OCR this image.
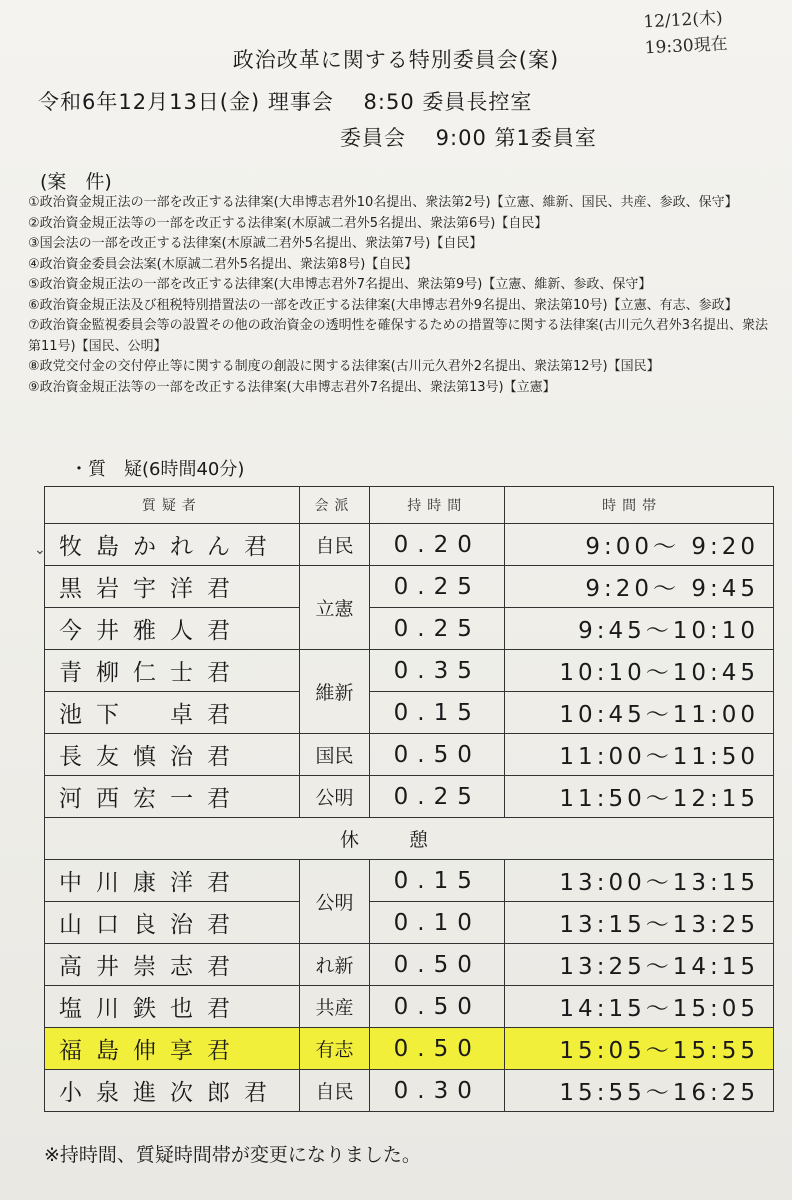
12/12(木)
19:30現在
政治改革に関する特別委員会(案)
令和6年12月13日(金) 理事会　 8:50 委員長控室
委員会　 9:00 第1委員室
(案　件)

①政治資金規正法の一部を改正する法律案(大串博志君外10名提出、衆法第2号)【立憲、維新、国民、共産、参政、保守】

②政治資金規正法等の一部を改正する法律案(木原誠二君外5名提出、衆法第6号)【自民】

③国会法の一部を改正する法律案(木原誠二君外5名提出、衆法第7号)【自民】

④政治資金委員会法案(木原誠二君外5名提出、衆法第8号)【自民】

⑤政治資金規正法の一部を改正する法律案(大串博志君外7名提出、衆法第9号)【立憲、維新、参政、保守】

⑥政治資金規正法及び租税特別措置法の一部を改正する法律案(大串博志君外9名提出、衆法第10号)【立憲、有志、参政】

⑦政治資金監視委員会等の設置その他の政治資金の透明性を確保するための措置等に関する法律案(古川元久君外3名提出、衆法第11号)【国民、公明】

⑧政党交付金の交付停止等に関する制度の創設に関する法律案(古川元久君外2名提出、衆法第12号)【国民】

⑨政治資金規正法等の一部を改正する法律案(大串博志君外7名提出、衆法第13号)【立憲】

・質　疑(6時間40分)
⌄
質疑者	会派	持時間	時間帯
牧島かれん君	自民	0.20	9:00〜 9:20
黒岩宇洋君	立憲	0.25	9:20〜 9:45
今井雅人君		0.25	9:45〜10:10
青柳仁士君	維新	0.35	10:10〜10:45
池下　卓君		0.15	10:45〜11:00
長友慎治君	国民	0.50	11:00〜11:50
河西宏一君	公明	0.25	11:50〜12:15
休憩			
中川康洋君	公明	0.15	13:00〜13:15
山口良治君		0.10	13:15〜13:25
高井崇志君	れ新	0.50	13:25〜14:15
塩川鉄也君	共産	0.50	14:15〜15:05
福島伸享君	有志	0.50	15:05〜15:55
小泉進次郎君	自民	0.30	15:55〜16:25
※持時間、質疑時間帯が変更になりました。
